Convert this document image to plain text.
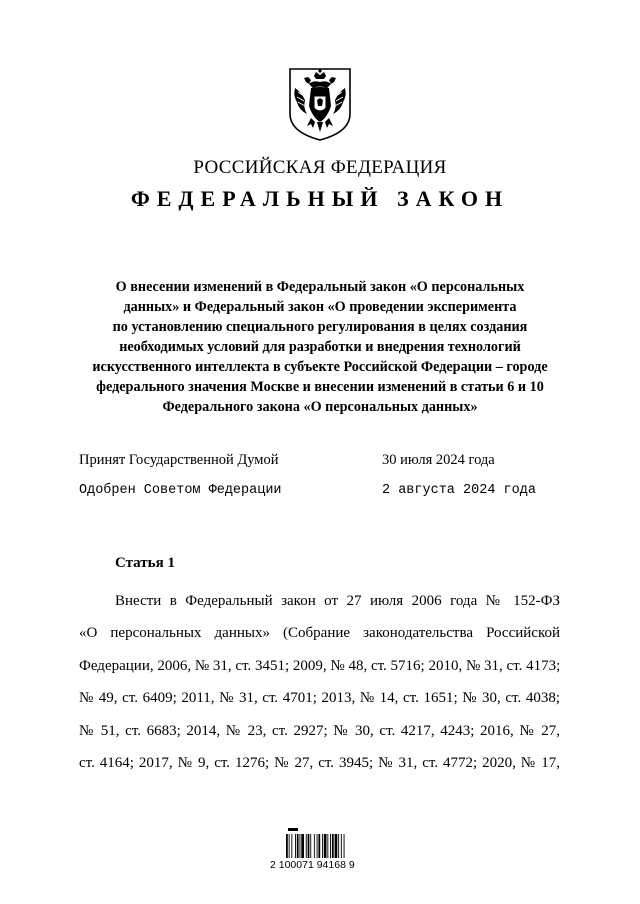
РОССИЙСКАЯ ФЕДЕРАЦИЯ
ФЕДЕРАЛЬНЫЙ ЗАКОН
О внесении изменений в Федеральный закон «О персональных
данных» и Федеральный закон «О проведении эксперимента
по установлению специального регулирования в целях создания
необходимых условий для разработки и внедрения технологий
искусственного интеллекта в субъекте Российской Федерации – городе
федерального значения Москве и внесении изменений в статьи 6 и 10
Федерального закона «О персональных данных»
Принят Государственной Думой	30 июля 2024 года
Одобрен Советом Федерации	2 августа 2024 года
Статья 1
Внести в Федеральный закон от 27 июля 2006 года № 152-ФЗ
«О персональных данных» (Собрание законодательства Российской
Федерации, 2006, № 31, ст. 3451; 2009, № 48, ст. 5716; 2010, № 31, ст. 4173;
№ 49, ст. 6409; 2011, № 31, ст. 4701; 2013, № 14, ст. 1651; № 30, ст. 4038;
№ 51, ст. 6683; 2014, № 23, ст. 2927; № 30, ст. 4217, 4243; 2016, № 27,
ст. 4164; 2017, № 9, ст. 1276; № 27, ст. 3945; № 31, ст. 4772; 2020, № 17,
2 100071 94168 9
